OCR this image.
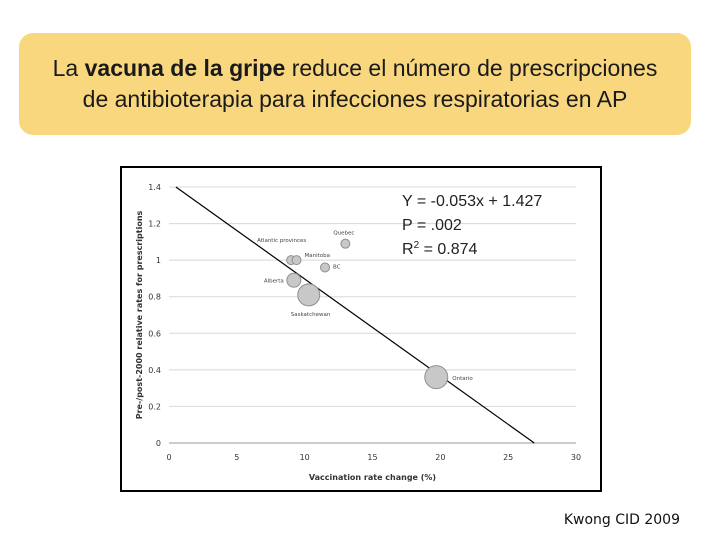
La vacuna de la gripe reduce el número de prescripciones
de antibioterapia para infecciones respiratorias en AP
0
0.2
0.4
0.6
0.8
1
1.2
1.4
0	5	10	15	20	25	30
Vaccination rate change (%)
Pre-/post-2000 relative rates for prescriptions	Atlantic provinces
Quebec
Manitoba
BC
Alberta
Saskatchewan
Ontario
Y = -0.053x + 1.427
P = .002
$R^2 = 0.874$
Kwong CID 2009
